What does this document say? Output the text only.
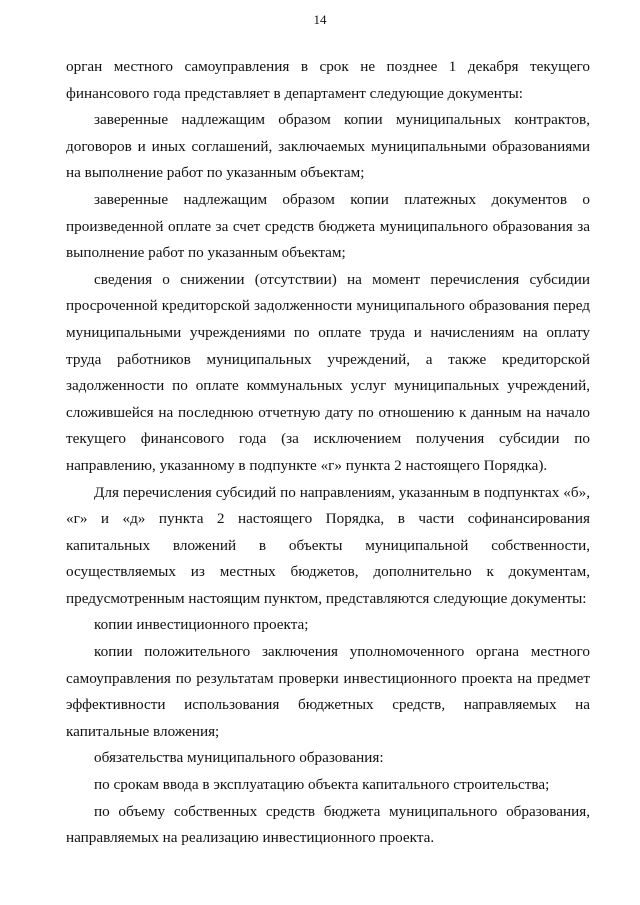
14

орган местного самоуправления в срок не позднее 1 декабря текущего финансового года представляет в департамент следующие документы:

заверенные надлежащим образом копии муниципальных контрактов, договоров и иных соглашений, заключаемых муниципальными образованиями на выполнение работ по указанным объектам;

заверенные надлежащим образом копии платежных документов о произведенной оплате за счет средств бюджета муниципального образования за выполнение работ по указанным объектам;

сведения о снижении (отсутствии) на момент перечисления субсидии просроченной кредиторской задолженности муниципального образования перед муниципальными учреждениями по оплате труда и начислениям на оплату труда работников муниципальных учреждений, а также кредиторской задолженности по оплате коммунальных услуг муниципальных учреждений, сложившейся на последнюю отчетную дату по отношению к данным на начало текущего финансового года (за исключением получения субсидии по направлению, указанному в подпункте «г» пункта 2 настоящего Порядка).

Для перечисления субсидий по направлениям, указанным в подпунктах «б», «г» и «д» пункта 2 настоящего Порядка, в части софинансирования капитальных вложений в объекты муниципальной собственности, осуществляемых из местных бюджетов, дополнительно к документам, предусмотренным настоящим пунктом, представляются следующие документы:

копии инвестиционного проекта;

копии положительного заключения уполномоченного органа местного самоуправления по результатам проверки инвестиционного проекта на предмет эффективности использования бюджетных средств, направляемых на капитальные вложения;

обязательства муниципального образования:

по срокам ввода в эксплуатацию объекта капитального строительства;

по объему собственных средств бюджета муниципального образования, направляемых на реализацию инвестиционного проекта.
